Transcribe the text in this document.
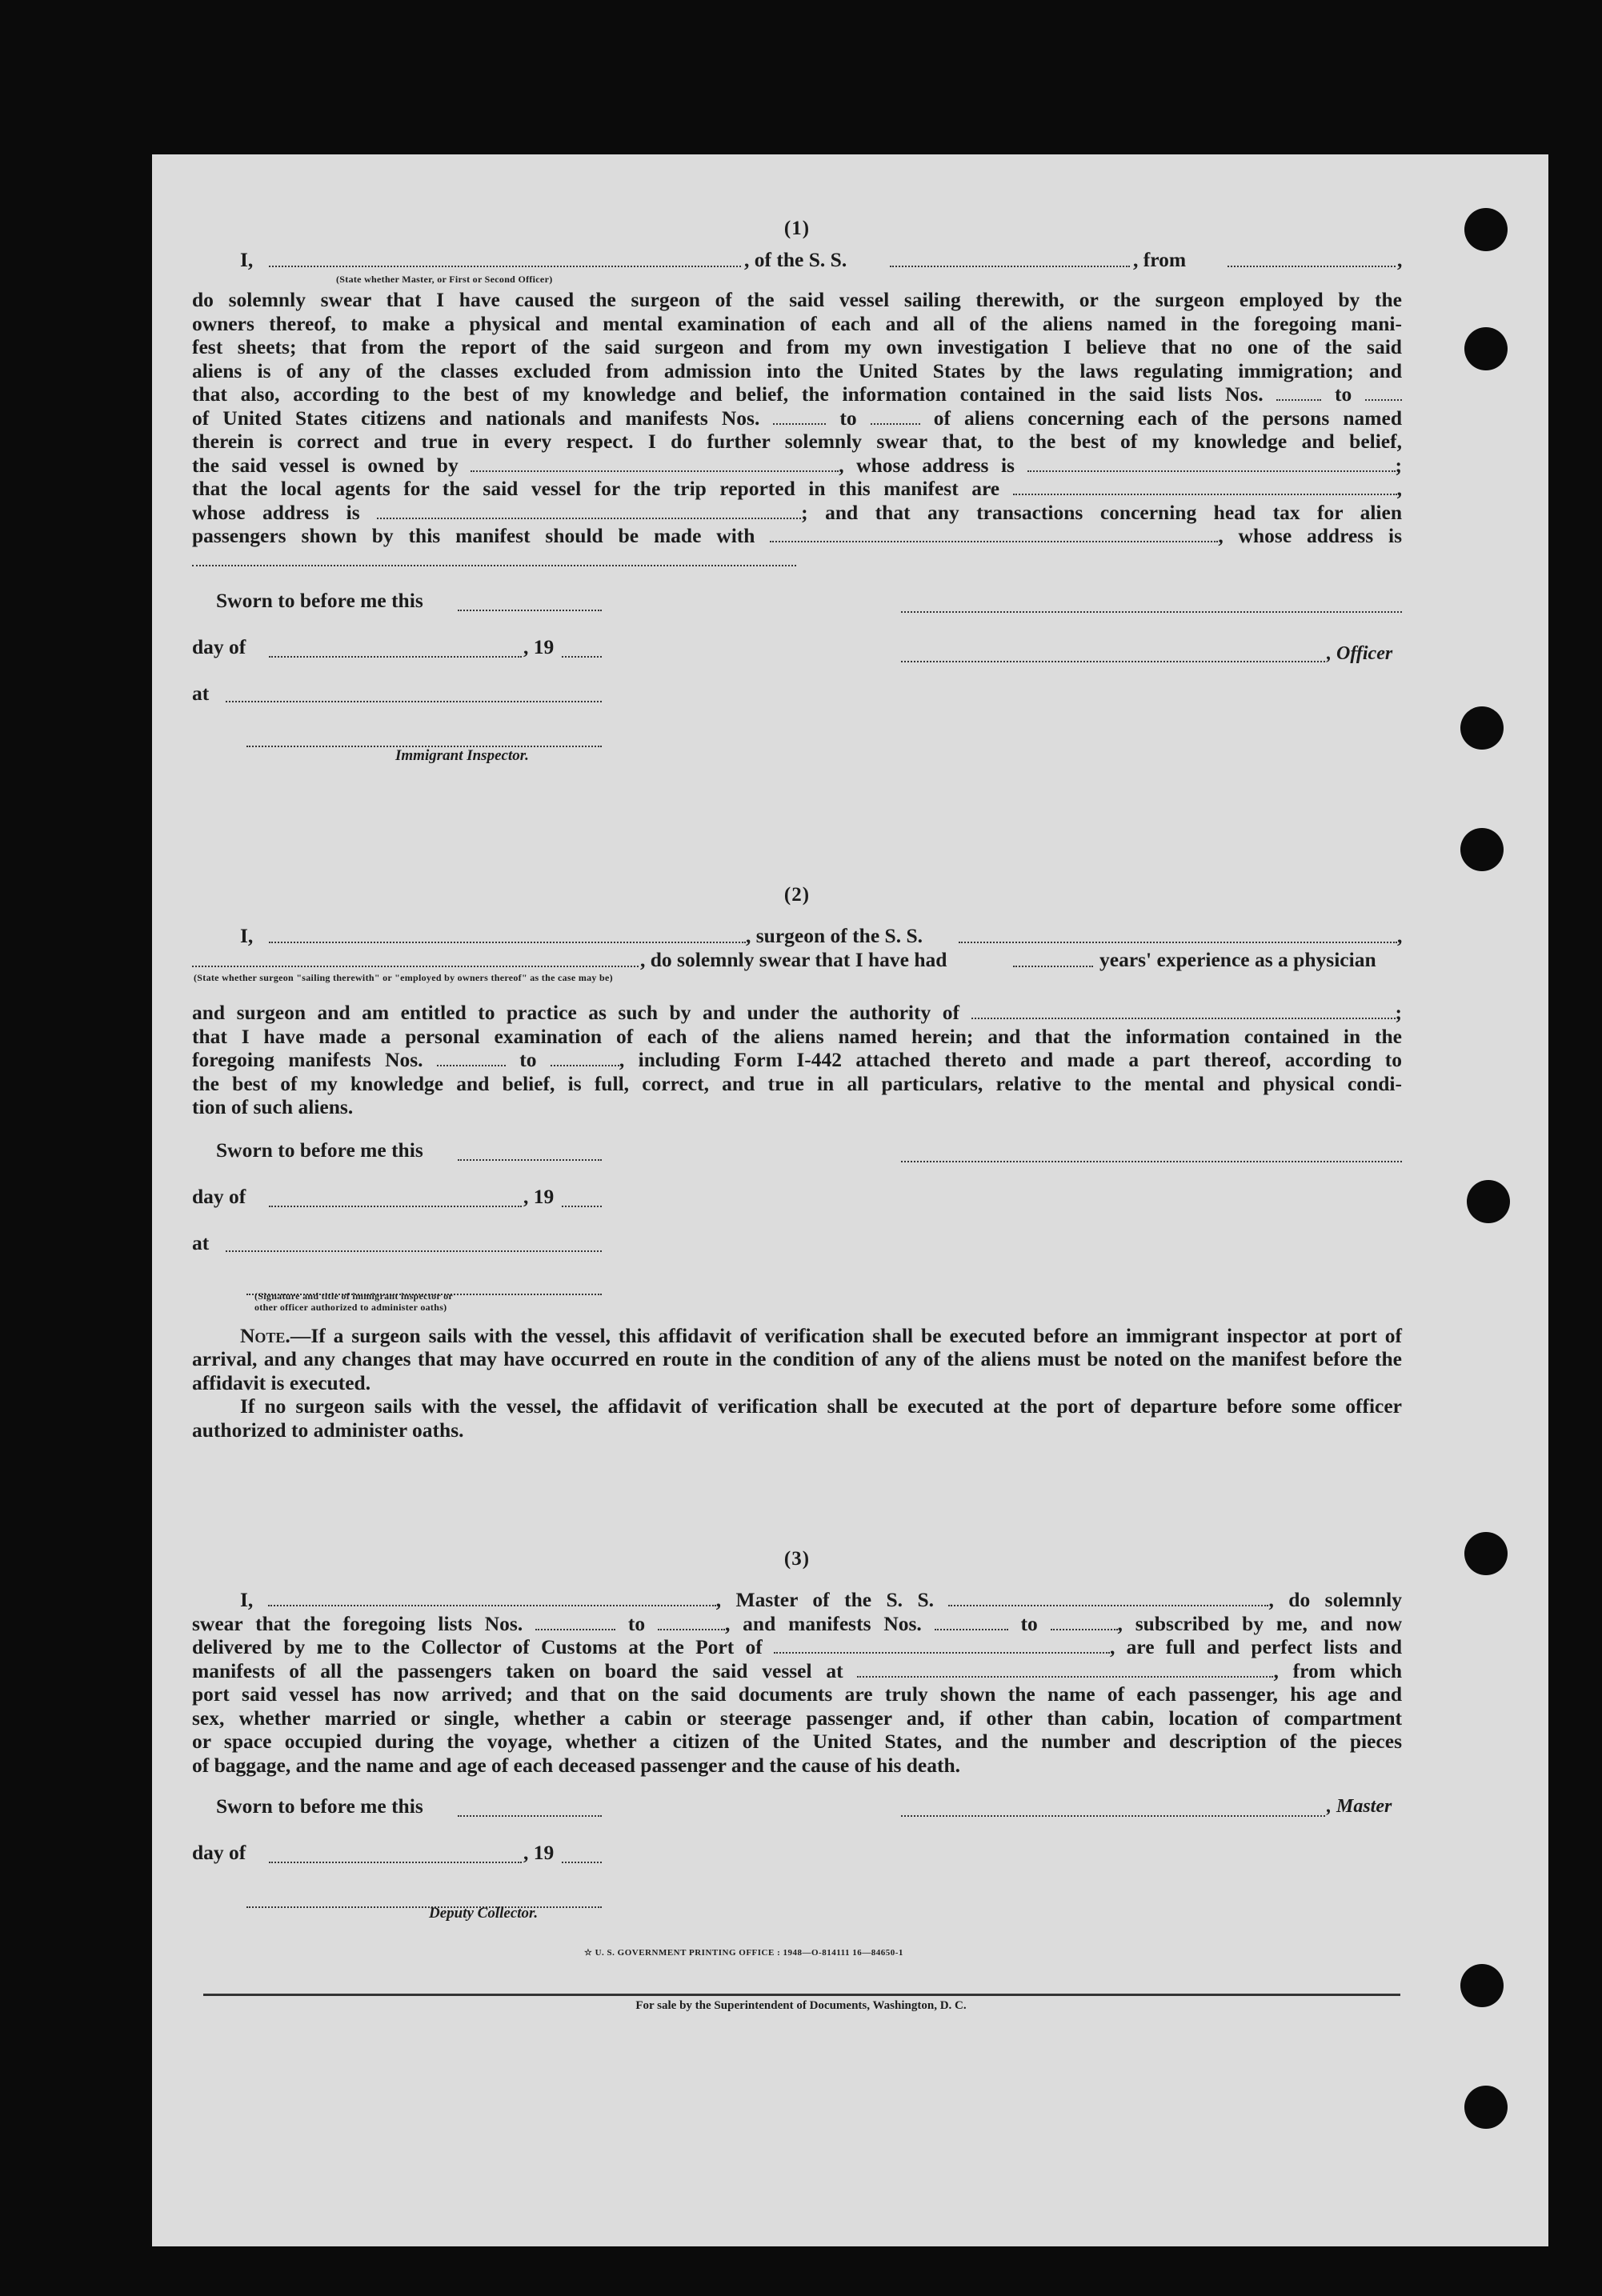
(1)
I,	, of the S. S.	, from	,
(State whether Master, or First or Second Officer)
do solemnly swear that I have caused the surgeon of the said vessel sailing therewith, or the surgeon employed by the
owners thereof, to make a physical and mental examination of each and all of the aliens named in the foregoing mani-
fest sheets; that from the report of the said surgeon and from my own investigation I believe that no one of the said
aliens is of any of the classes excluded from admission into the United States by the laws regulating immigration; and
that also, according to the best of my knowledge and belief, the information contained in the said lists Nos.	to
of United States citizens and nationals and manifests Nos.	to	of aliens concerning each of the persons named
therein is correct and true in every respect. I do further solemnly swear that, to the best of my knowledge and belief,
the said vessel is owned by	, whose address is	;
that the local agents for the said vessel for the trip reported in this manifest are	,
whose address is	; and that any transactions concerning head tax for alien
passengers shown by this manifest should be made with	, whose address is
Sworn to before me this
day of	, 19	, Officer
at
Immigrant Inspector.
(2)
I,	, surgeon of the S. S.	,
, do solemnly swear that I have had	years' experience as a physician
(State whether surgeon "sailing therewith" or "employed by owners thereof" as the case may be)
and surgeon and am entitled to practice as such by and under the authority of	;
that I have made a personal examination of each of the aliens named herein; and that the information contained in the
foregoing manifests Nos.	to	, including Form I-442 attached thereto and made a part thereof, according to
the best of my knowledge and belief, is full, correct, and true in all particulars, relative to the mental and physical condi-
tion of such aliens.
Sworn to before me this
day of	, 19
at
(Signature and title of immigrant inspector or
other officer authorized to administer oaths)
Note.—If a surgeon sails with the vessel, this affidavit of verification shall be executed before an immigrant inspector at port of arrival, and any changes that may have occurred en route in the condition of any of the aliens must be noted on the manifest before the affidavit is executed.
If no surgeon sails with the vessel, the affidavit of verification shall be executed at the port of departure before some officer authorized to administer oaths.
(3)
I,	, Master of the S. S.	, do solemnly
swear that the foregoing lists Nos.	to	, and manifests Nos.	to	, subscribed by me, and now
delivered by me to the Collector of Customs at the Port of	, are full and perfect lists and
manifests of all the passengers taken on board the said vessel at	, from which
port said vessel has now arrived; and that on the said documents are truly shown the name of each passenger, his age and
sex, whether married or single, whether a cabin or steerage passenger and, if other than cabin, location of compartment
or space occupied during the voyage, whether a citizen of the United States, and the number and description of the pieces
of baggage, and the name and age of each deceased passenger and the cause of his death.
Sworn to before me this	, Master
day of	, 19
Deputy Collector.
☆ U. S. GOVERNMENT PRINTING OFFICE : 1948—O-814111 16—84650-1
For sale by the Superintendent of Documents, Washington, D. C.
